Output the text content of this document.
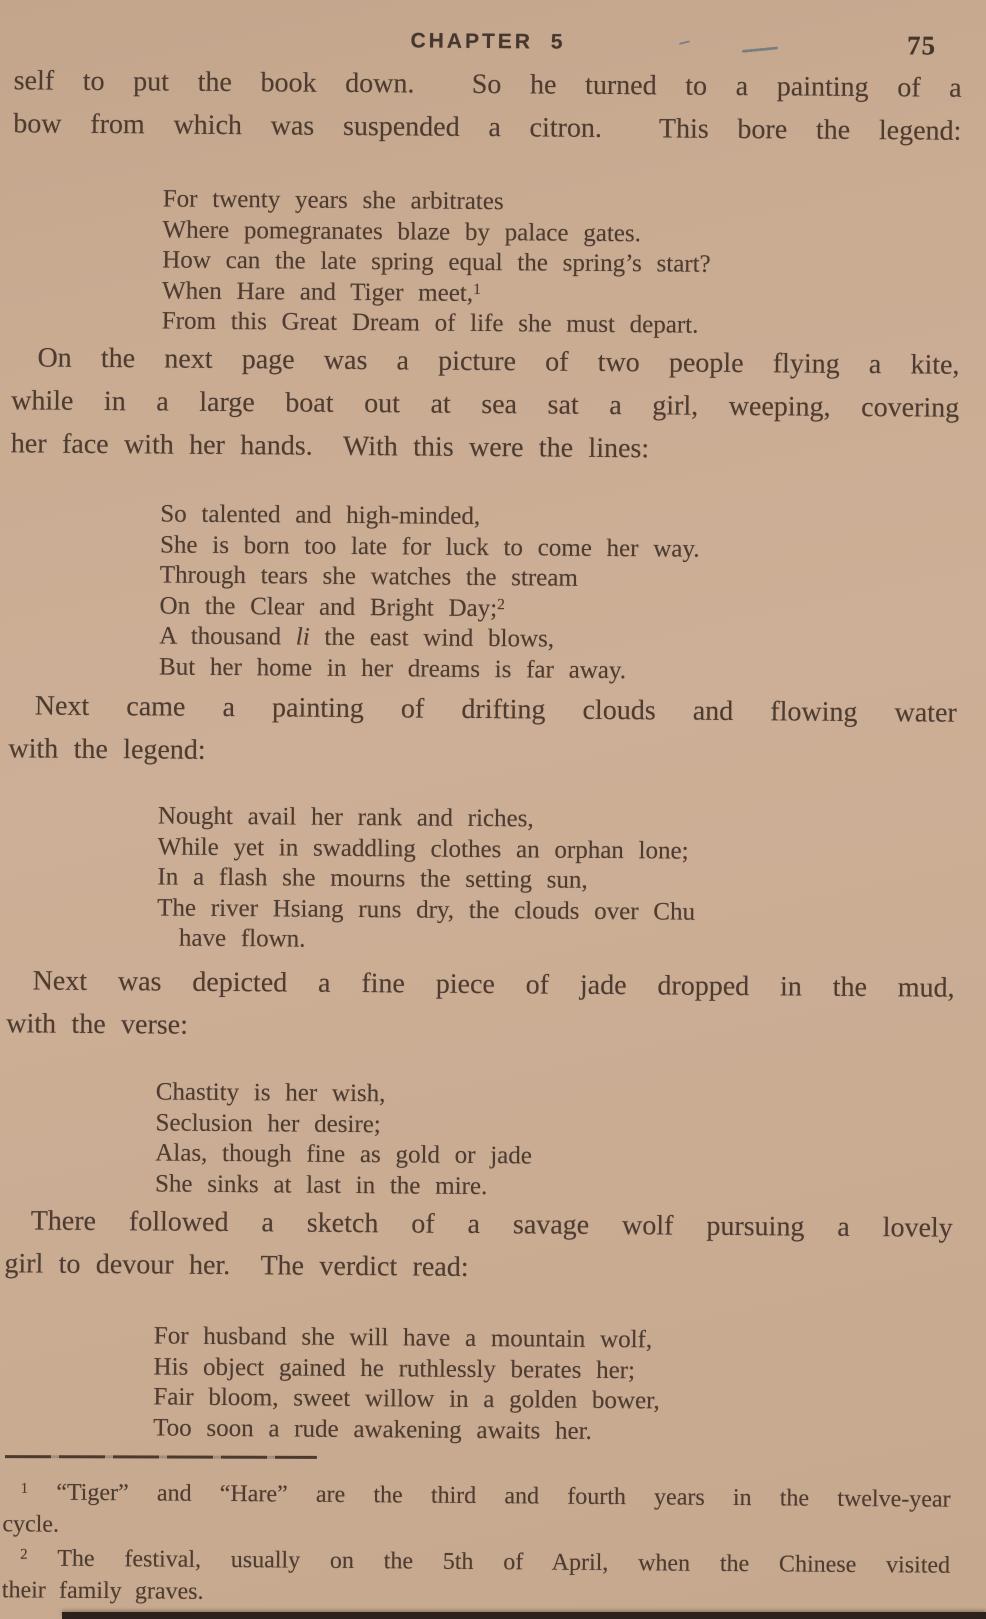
CHAPTER 5	75
self to put the book down.  So he turned to a painting of a
bow from which was suspended a citron.  This bore the legend:
For twenty years she arbitrates
Where pomegranates blaze by palace gates.
How can the late spring equal the spring’s start?
When Hare and Tiger meet,$^1$
From this Great Dream of life she must depart.
On the next page was a picture of two people flying a kite,
while in a large boat out at sea sat a girl, weeping, covering
her face with her hands.  With this were the lines:
So talented and high-minded,
She is born too late for luck to come her way.
Through tears she watches the stream
On the Clear and Bright Day;$^2$
A thousand li the east wind blows,
But her home in her dreams is far away.
Next came a painting of drifting clouds and flowing water
with the legend:
Nought avail her rank and riches,
While yet in swaddling clothes an orphan lone;
In a flash she mourns the setting sun,
The river Hsiang runs dry, the clouds over Chu
have flown.
Next was depicted a fine piece of jade dropped in the mud,
with the verse:
Chastity is her wish,
Seclusion her desire;
Alas, though fine as gold or jade
She sinks at last in the mire.
There followed a sketch of a savage wolf pursuing a lovely
girl to devour her.  The verdict read:
For husband she will have a mountain wolf,
His object gained he ruthlessly berates her;
Fair bloom, sweet willow in a golden bower,
Too soon a rude awakening awaits her.
$^1$ “Tiger” and “Hare” are the third and fourth years in the twelve-year
cycle.
$^2$ The festival, usually on the 5th of April, when the Chinese visited
their family graves.
